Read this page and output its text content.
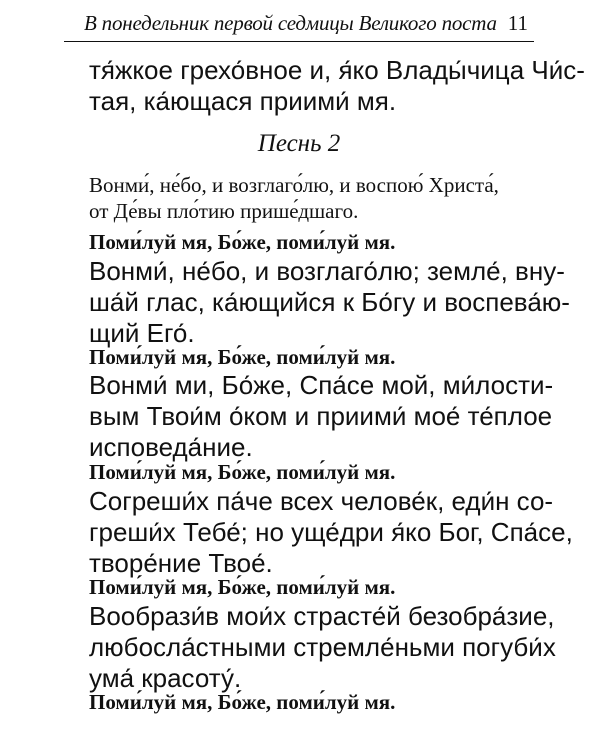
В понедельник первой седмицы Великого поста 11

тя́жкое грехо́вное и, я́ко Влады́чица Чи́с-
тая, ка́ющася приими́ мя.

Песнь 2

Вонми́, не́бо, и возглаго́лю, и воспою́ Христа́,
от Де́вы пло́тию прише́дшаго.

Поми́луй мя, Бо́же, поми́луй мя.

Вонми́, не́бо, и возглаго́лю; земле́, вну-
ша́й глас, ка́ющийся к Бо́гу и воспева́ю-
щий Его́.

Поми́луй мя, Бо́же, поми́луй мя.

Вонми́ ми, Бо́же, Спа́се мой, ми́лости-
вым Твои́м о́ком и приими́ мое́ те́плое
исповеда́ние.

Поми́луй мя, Бо́же, поми́луй мя.

Согреши́х па́че всех челове́к, еди́н со-
греши́х Тебе́; но уще́дри я́ко Бог, Спа́се,
творе́ние Твое́.

Поми́луй мя, Бо́же, поми́луй мя.

Вообрази́в мои́х страсте́й безобра́зие,
любосла́стными стремле́ньми погуби́х
ума́ красоту́.

Поми́луй мя, Бо́же, поми́луй мя.
